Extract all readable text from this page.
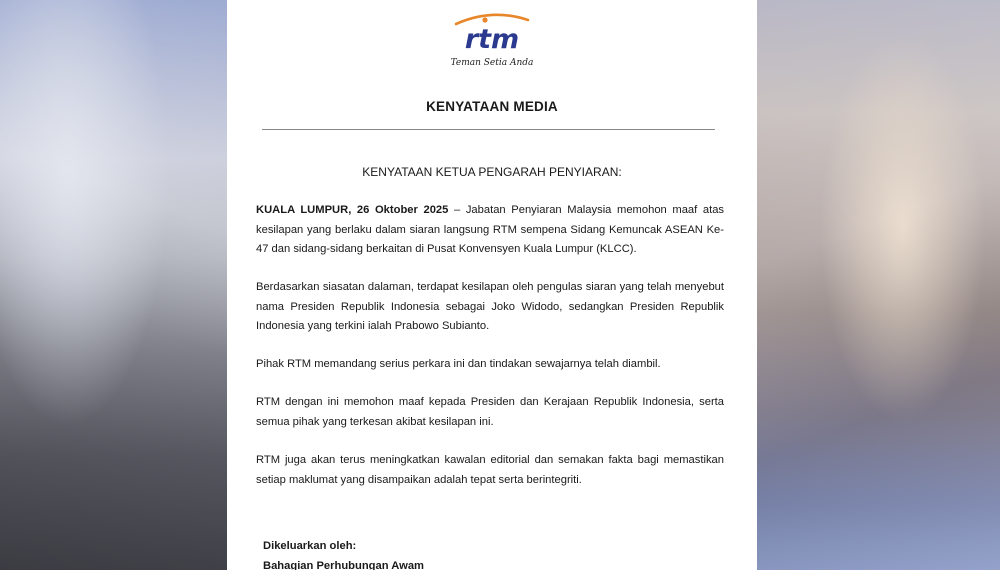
rtm
Teman Setia Anda
KENYATAAN MEDIA
KENYATAAN KETUA PENGARAH PENYIARAN:
KUALA LUMPUR, 26 Oktober 2025 – Jabatan Penyiaran Malaysia memohon maaf atas kesilapan yang berlaku dalam siaran langsung RTM sempena Sidang Kemuncak ASEAN Ke-47 dan sidang-sidang berkaitan di Pusat Konvensyen Kuala Lumpur (KLCC).
Berdasarkan siasatan dalaman, terdapat kesilapan oleh pengulas siaran yang telah menyebut nama Presiden Republik Indonesia sebagai Joko Widodo, sedangkan Presiden Republik Indonesia yang terkini ialah Prabowo Subianto.
Pihak RTM memandang serius perkara ini dan tindakan sewajarnya telah diambil.
RTM dengan ini memohon maaf kepada Presiden dan Kerajaan Republik Indonesia, serta semua pihak yang terkesan akibat kesilapan ini.
RTM juga akan terus meningkatkan kawalan editorial dan semakan fakta bagi memastikan setiap maklumat yang disampaikan adalah tepat serta berintegriti.
Dikeluarkan oleh:
Bahagian Perhubungan Awam
